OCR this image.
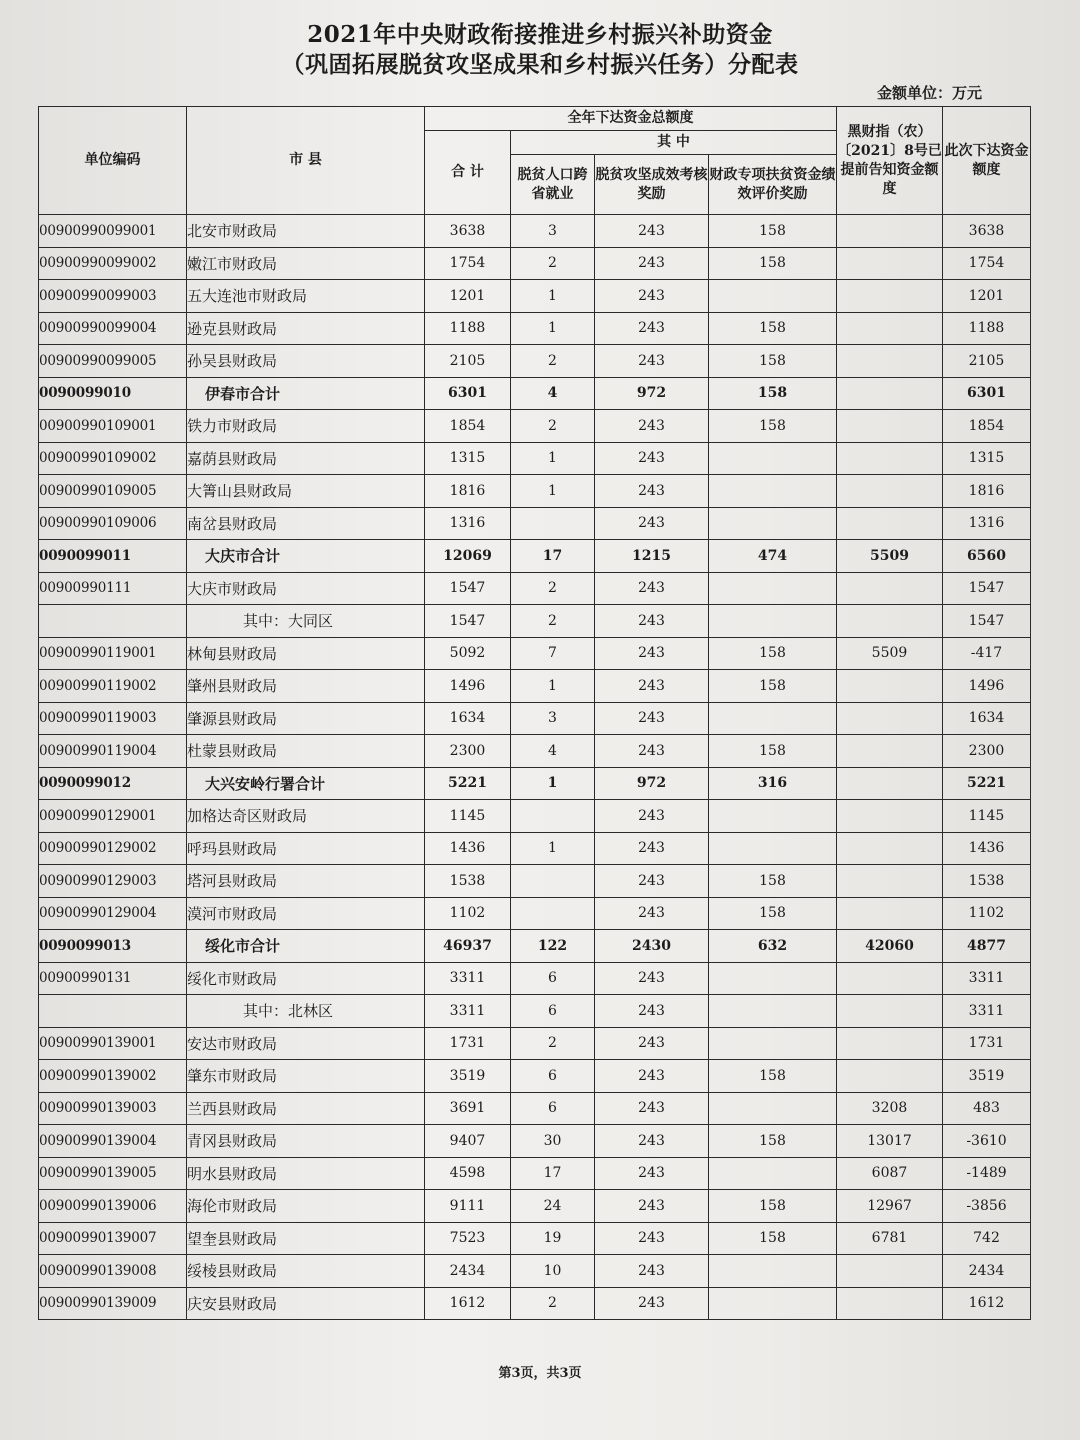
2021年中央财政衔接推进乡村振兴补助资金
（巩固拓展脱贫攻坚成果和乡村振兴任务）分配表
金额单位：万元
单位编码	市 县	全年下达资金总额度				黑财指（农）〔2021〕8号已提前告知资金额度	此次下达资金额度
		合 计	其 中				
			脱贫人口跨省就业	脱贫攻坚成效考核奖励	财政专项扶贫资金绩效评价奖励		
00900990099001	北安市财政局	3638	3	243	158		3638
00900990099002	嫩江市财政局	1754	2	243	158		1754
00900990099003	五大连池市财政局	1201	1	243			1201
00900990099004	逊克县财政局	1188	1	243	158		1188
00900990099005	孙吴县财政局	2105	2	243	158		2105
0090099010	伊春市合计	6301	4	972	158		6301
00900990109001	铁力市财政局	1854	2	243	158		1854
00900990109002	嘉荫县财政局	1315	1	243			1315
00900990109005	大箐山县财政局	1816	1	243			1816
00900990109006	南岔县财政局	1316		243			1316
0090099011	大庆市合计	12069	17	1215	474	5509	6560
00900990111	大庆市财政局	1547	2	243			1547
	其中：大同区	1547	2	243			1547
00900990119001	林甸县财政局	5092	7	243	158	5509	-417
00900990119002	肇州县财政局	1496	1	243	158		1496
00900990119003	肇源县财政局	1634	3	243			1634
00900990119004	杜蒙县财政局	2300	4	243	158		2300
0090099012	大兴安岭行署合计	5221	1	972	316		5221
00900990129001	加格达奇区财政局	1145		243			1145
00900990129002	呼玛县财政局	1436	1	243			1436
00900990129003	塔河县财政局	1538		243	158		1538
00900990129004	漠河市财政局	1102		243	158		1102
0090099013	绥化市合计	46937	122	2430	632	42060	4877
00900990131	绥化市财政局	3311	6	243			3311
	其中：北林区	3311	6	243			3311
00900990139001	安达市财政局	1731	2	243			1731
00900990139002	肇东市财政局	3519	6	243	158		3519
00900990139003	兰西县财政局	3691	6	243		3208	483
00900990139004	青冈县财政局	9407	30	243	158	13017	-3610
00900990139005	明水县财政局	4598	17	243		6087	-1489
00900990139006	海伦市财政局	9111	24	243	158	12967	-3856
00900990139007	望奎县财政局	7523	19	243	158	6781	742
00900990139008	绥棱县财政局	2434	10	243			2434
00900990139009	庆安县财政局	1612	2	243			1612
第3页，共3页
